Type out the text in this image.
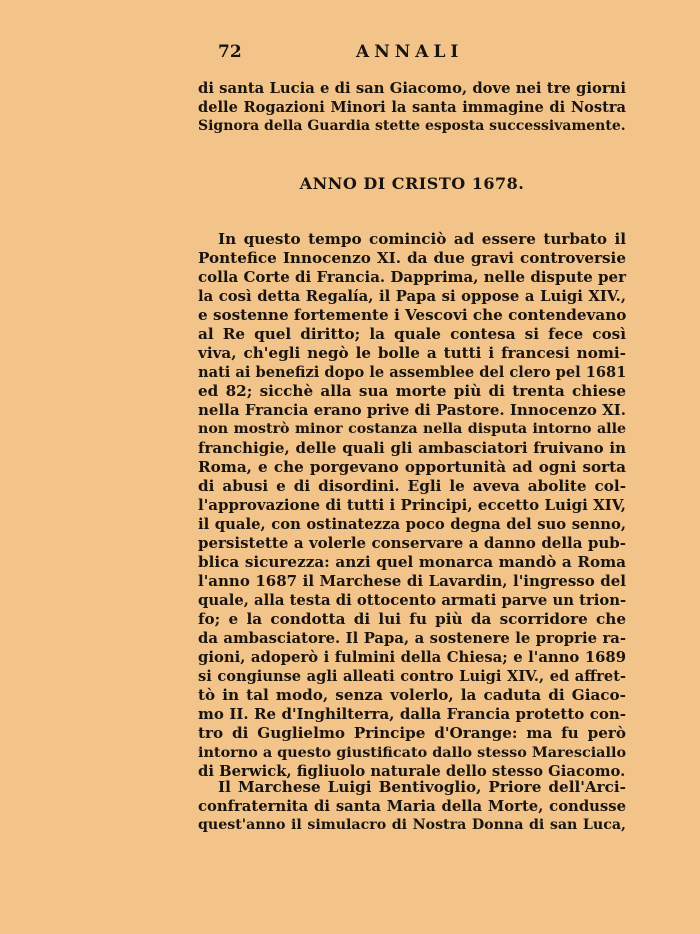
72	ANNALI
di santa Lucia e di san Giacomo, dove nei tre giorni
delle Rogazioni Minori la santa immagine di Nostra
Signora della Guardia stette esposta successivamente.
ANNO DI CRISTO 1678.
In questo tempo cominciò ad essere turbato il
Pontefice Innocenzo XI. da due gravi controversie
colla Corte di Francia. Dapprima, nelle dispute per
la così detta Regalía, il Papa si oppose a Luigi XIV.,
e sostenne fortemente i Vescovi che contendevano
al Re quel diritto; la quale contesa si fece così
viva, ch'egli negò le bolle a tutti i francesi nomi-
nati ai benefizi dopo le assemblee del clero pel 1681
ed 82; sicchè alla sua morte più di trenta chiese
nella Francia erano prive di Pastore. Innocenzo XI.
non mostrò minor costanza nella disputa intorno alle
franchigie, delle quali gli ambasciatori fruivano in
Roma, e che porgevano opportunità ad ogni sorta
di abusi e di disordini. Egli le aveva abolite col-
l'approvazione di tutti i Principi, eccetto Luigi XIV,
il quale, con ostinatezza poco degna del suo senno,
persistette a volerle conservare a danno della pub-
blica sicurezza: anzi quel monarca mandò a Roma
l'anno 1687 il Marchese di Lavardin, l'ingresso del
quale, alla testa di ottocento armati parve un trion-
fo; e la condotta di lui fu più da scorridore che
da ambasciatore. Il Papa, a sostenere le proprie ra-
gioni, adoperò i fulmini della Chiesa; e l'anno 1689
si congiunse agli alleati contro Luigi XIV., ed affret-
tò in tal modo, senza volerlo, la caduta di Giaco-
mo II. Re d'Inghilterra, dalla Francia protetto con-
tro di Guglielmo Principe d'Orange: ma fu però
intorno a questo giustificato dallo stesso Maresciallo
di Berwick, figliuolo naturale dello stesso Giacomo.
Il Marchese Luigi Bentivoglio, Priore dell'Arci-
confraternita di santa Maria della Morte, condusse
quest'anno il simulacro di Nostra Donna di san Luca,
